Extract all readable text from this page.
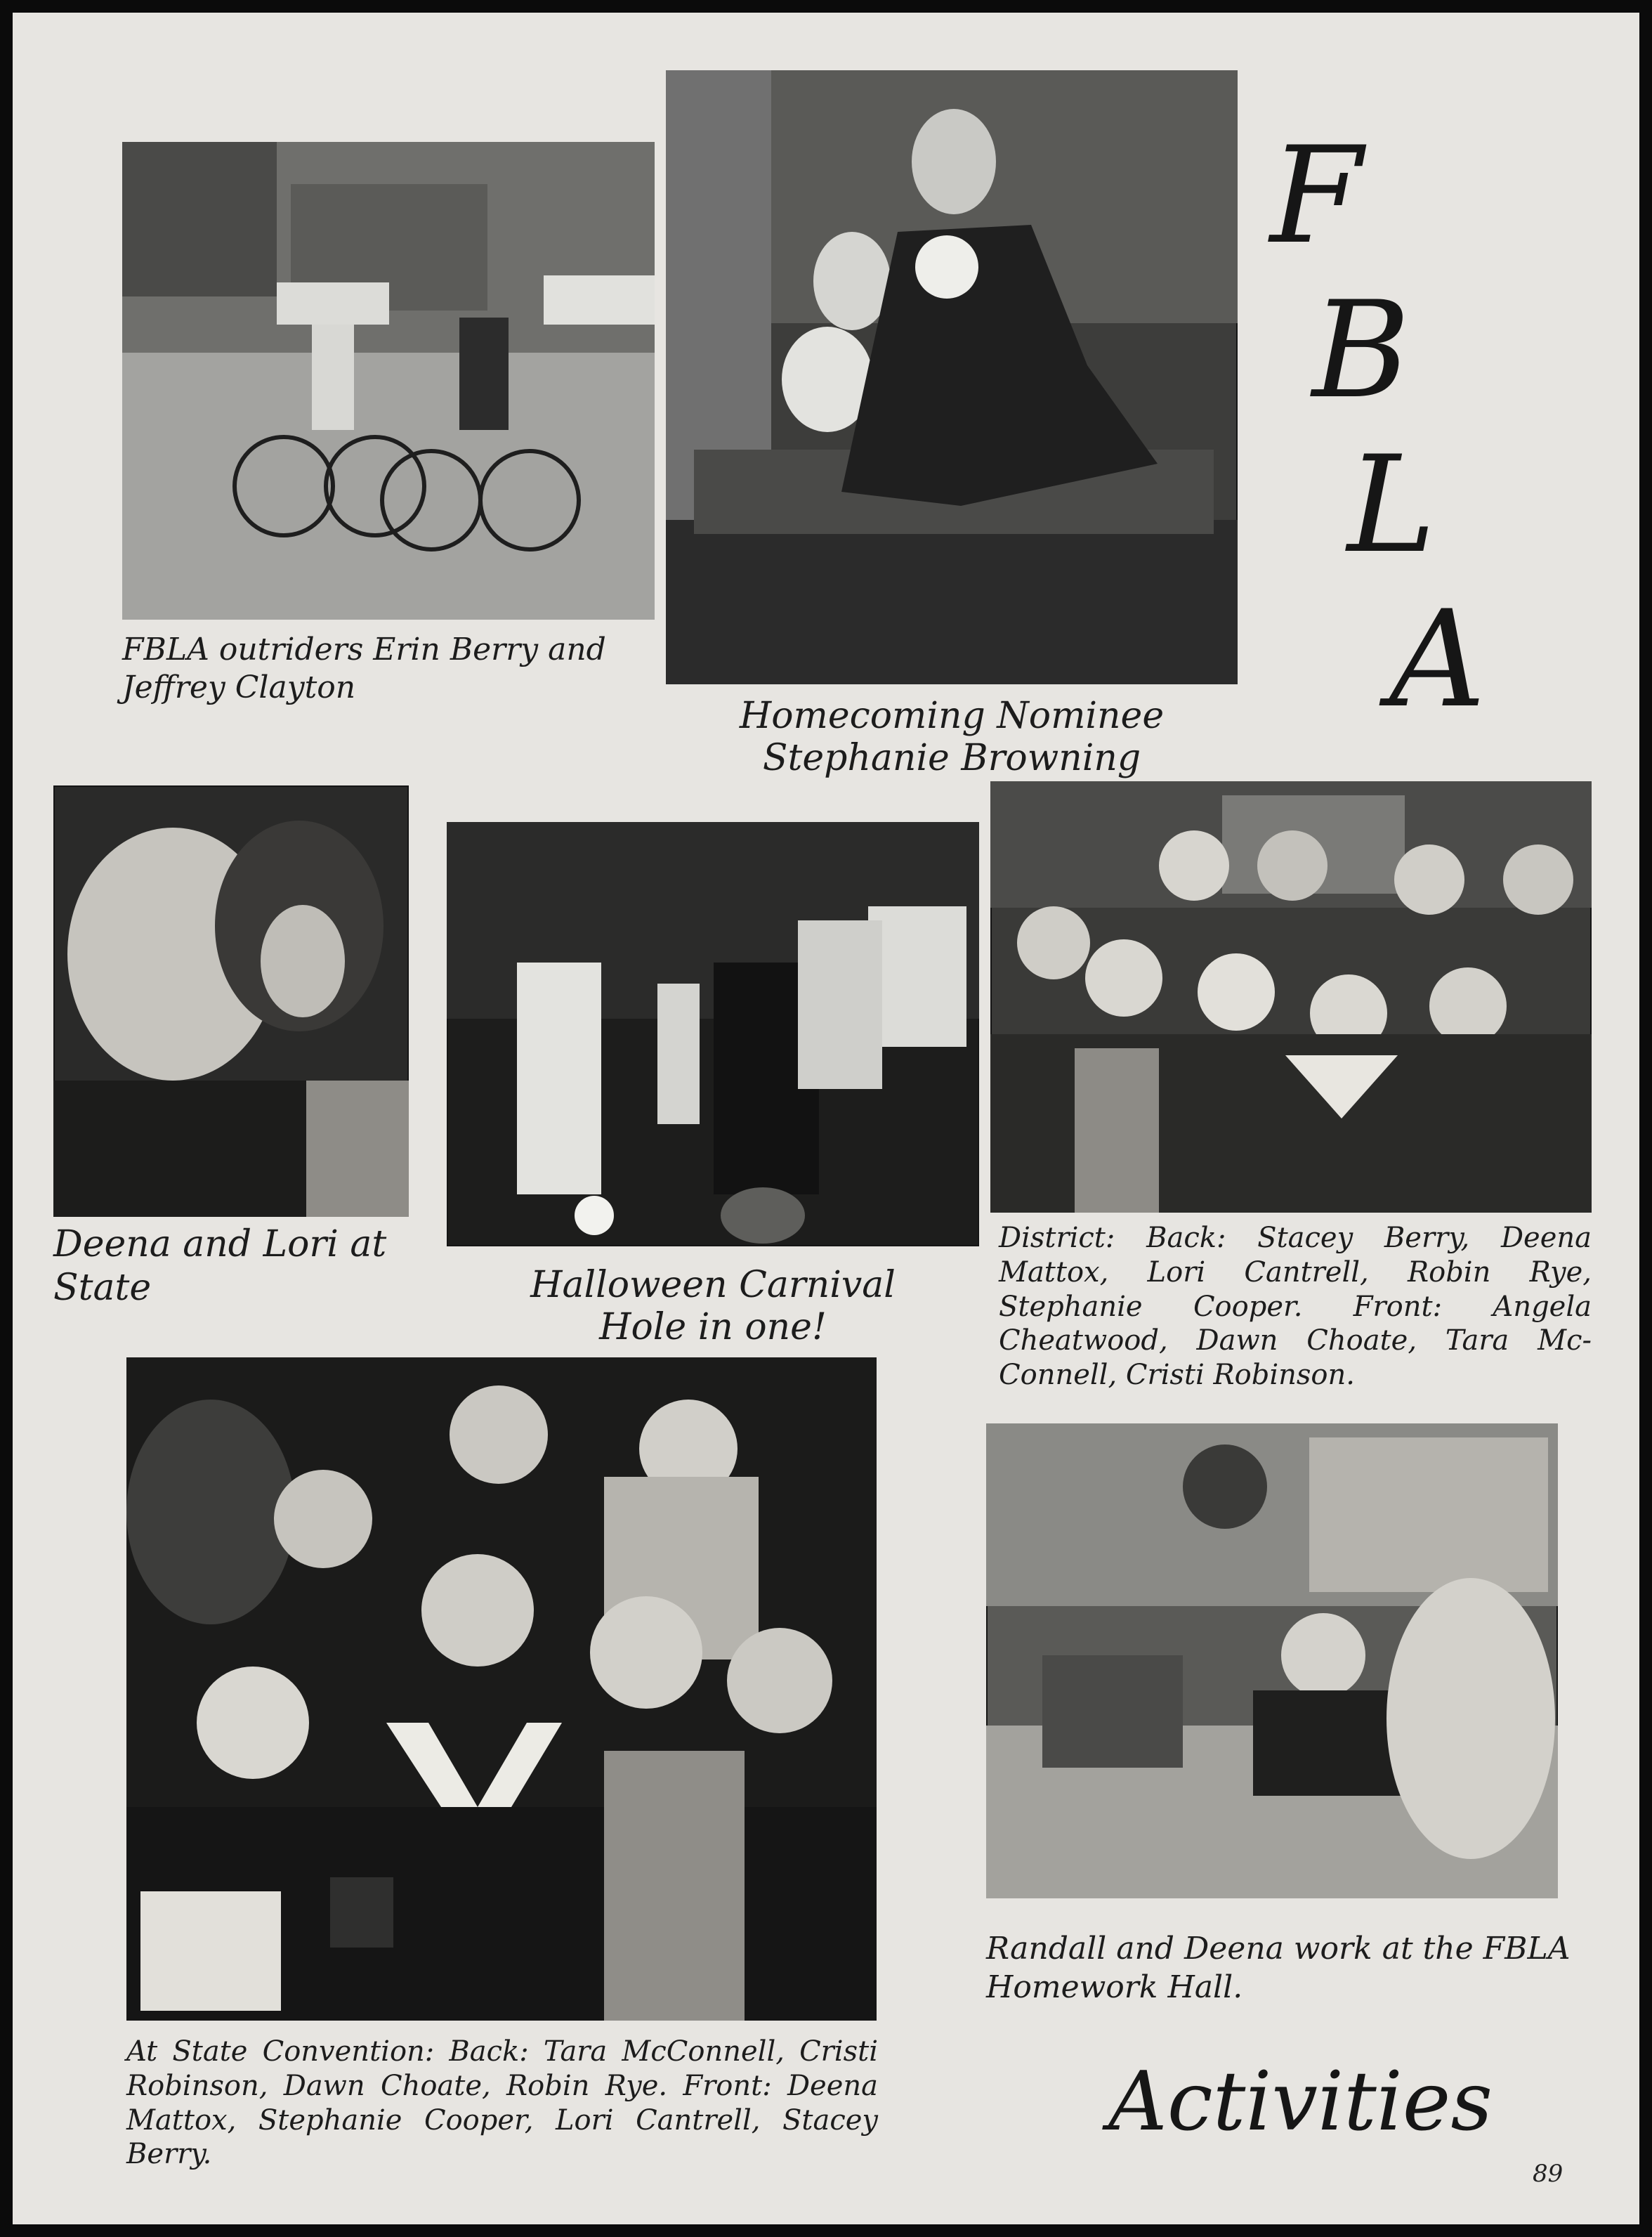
FBLA outriders Erin Berry and Jeffrey Clayton
Homecoming Nominee
Stephanie Browning
F
B
L
A
Deena and Lori at State	Halloween Carnival
Hole in one!
District: Back: Stacey Berry, Deena Mattox, Lori Cantrell, Robin Rye, Stephanie Cooper. Front: Angela Cheatwood, Dawn Choate, Tara Mc-Connell, Cristi Robinson.
At State Convention: Back: Tara McConnell, Cristi Robinson, Dawn Choate, Robin Rye. Front: Deena Mattox, Stephanie Cooper, Lori Cantrell, Stacey Berry.
Randall and Deena work at the FBLA Homework Hall.
Activities
89
